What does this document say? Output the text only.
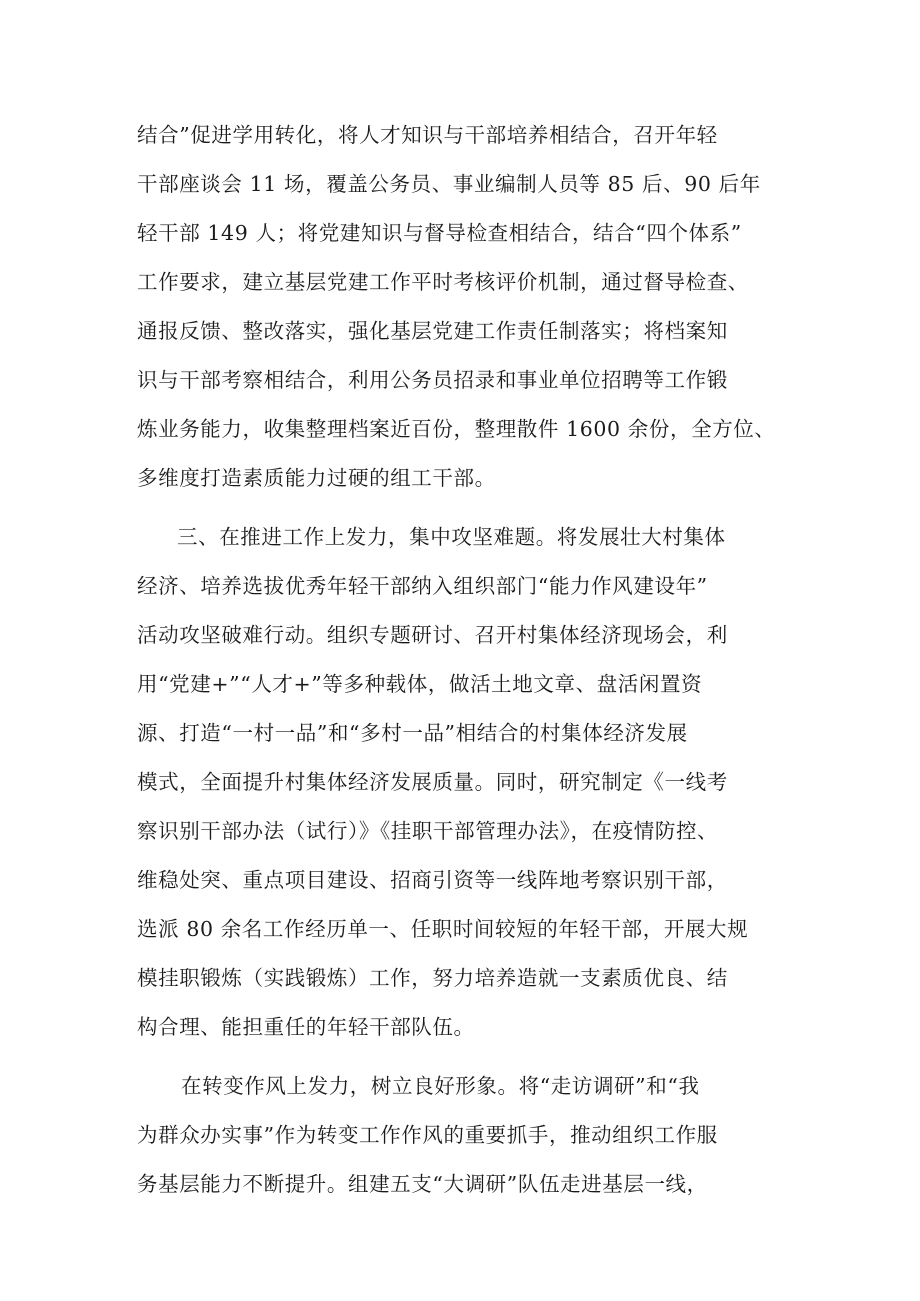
结合”促进学用转化，将人才知识与干部培养相结合，召开年轻
干部座谈会 11 场，覆盖公务员、事业编制人员等 85 后、90 后年
轻干部 149 人；将党建知识与督导检查相结合，结合“四个体系”
工作要求，建立基层党建工作平时考核评价机制，通过督导检查、
通报反馈、整改落实，强化基层党建工作责任制落实；将档案知
识与干部考察相结合，利用公务员招录和事业单位招聘等工作锻
炼业务能力，收集整理档案近百份，整理散件 1600 余份，全方位、
多维度打造素质能力过硬的组工干部。
三、在推进工作上发力，集中攻坚难题。将发展壮大村集体
经济、培养选拔优秀年轻干部纳入组织部门“能力作风建设年”
活动攻坚破难行动。组织专题研讨、召开村集体经济现场会，利
用“党建+”“人才+”等多种载体，做活土地文章、盘活闲置资
源、打造“一村一品”和“多村一品”相结合的村集体经济发展
模式，全面提升村集体经济发展质量。同时，研究制定《一线考
察识别干部办法（试行）》《挂职干部管理办法》，在疫情防控、
维稳处突、重点项目建设、招商引资等一线阵地考察识别干部，
选派 80 余名工作经历单一、任职时间较短的年轻干部，开展大规
模挂职锻炼（实践锻炼）工作，努力培养造就一支素质优良、结
构合理、能担重任的年轻干部队伍。
在转变作风上发力，树立良好形象。将“走访调研”和“我
为群众办实事”作为转变工作作风的重要抓手，推动组织工作服
务基层能力不断提升。组建五支“大调研”队伍走进基层一线，
